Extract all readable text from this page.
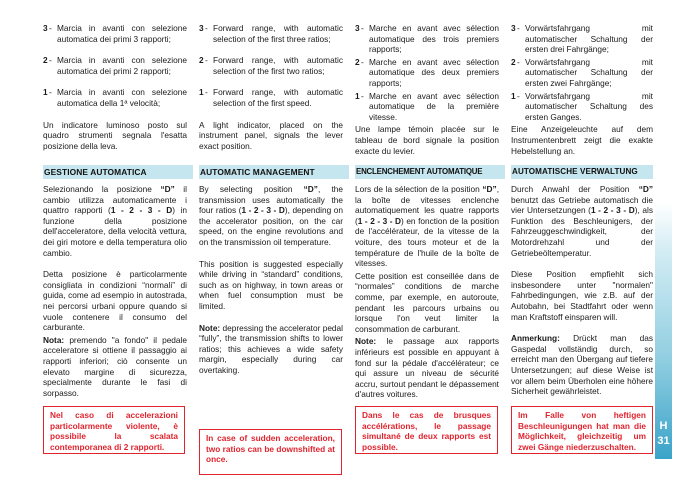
3 - Marcia in avanti con selezione automatica dei primi 3 rapporti;
2 - Marcia in avanti con selezione automatica dei primi 2 rapporti;
1 - Marcia in avanti con selezione automatica della 1ª velocità;
Un indicatore luminoso posto sul quadro strumenti segnala l'esatta posizione della leva.
3 - Forward range, with automatic selection of the first three ratios;
2 - Forward range, with automatic selection of the first two ratios;
1 - Forward range, with automatic selection of the first speed.
A light indicator, placed on the instrument panel, signals the lever exact position.
3 - Marche en avant avec sélection automatique des trois premiers rapports;
2 - Marche en avant avec sélection automatique des deux premiers rapports;
1 - Marche en avant avec sélection automatique de la première vitesse.
Une lampe témoin placée sur le tableau de bord signale la position exacte du levier.
3 - Vorwärtsfahrgang mit automatischer Schaltung der ersten drei Fahrgänge;
2 - Vorwärtsfahrgang mit automatischer Schaltung der ersten zwei Fahrgänge;
1 - Vorwärtsfahrgang mit automatischer Schaltung des ersten Ganges.
Eine Anzeigeleuchte auf dem Instrumentenbrett zeigt die exakte Hebelstellung an.
GESTIONE AUTOMATICA	AUTOMATIC MANAGEMENT	ENCLENCHEMENT AUTOMATIQUE	AUTOMATISCHE VERWALTUNG
Selezionando la posizione “D” il cambio utilizza automaticamente i quattro rapporti (1 - 2 - 3 - D) in funzione della posizione dell'acceleratore, della velocità vettura, dei giri motore e della temperatura olio cambio.
Detta posizione è particolarmente consigliata in condizioni “normali” di guida, come ad esempio in autostrada, nei percorsi urbani oppure quando si vuole contenere il consumo del carburante.
Nota: premendo "a fondo" il pedale acceleratore si ottiene il passaggio ai rapporti inferiori; ciò consente un elevato margine di sicurezza, specialmente durante le fasi di sorpasso.
By selecting position “D”, the transmission uses automatically the four ratios (1 - 2 - 3 - D), depending on the accelerator position, on the car speed, on the engine revolutions and on the transmission oil temperature.
This position is suggested especially while driving in “standard” conditions, such as on highway, in town areas or when fuel consumption must be limited.
Note: depressing the accelerator pedal “fully”, the transmission shifts to lower ratios; this achieves a wide safety margin, especially during car overtaking.
Lors de la sélection de la position “D”, la boîte de vitesses enclenche automatiquement les quatre rapports (1 - 2 - 3 - D) en fonction de la position de l'accélérateur, de la vitesse de la voiture, des tours moteur et de la température de l'huile de la boîte de vitesses.
Cette position est conseillée dans de “normales” conditions de marche comme, par exemple, en autoroute, pendant les parcours urbains ou lorsque l'on veut limiter la consommation de carburant.
Note: le passage aux rapports inférieurs est possible en appuyant à fond sur la pédale d'accélérateur; ce qui assure un niveau de sécurité accru, surtout pendant le dépassement d'autres voitures.
Durch Anwahl der Position “D” benutzt das Getriebe automatisch die vier Untersetzungen (1 - 2 - 3 - D), als Funktion des Beschleunigers, der Fahrzeuggeschwindigkeit, der Motordrehzahl und der Getriebeöltemperatur.
Diese Position empfiehlt sich insbesondere unter "normalen" Fahrbedingungen, wie z.B. auf der Autobahn, bei Stadtfahrt oder wenn man Kraftstoff einsparen will.
Anmerkung: Drückt man das Gaspedal vollständig durch, so erreicht man den Übergang auf tiefere Untersetzungen; auf diese Weise ist vor allem beim Überholen eine höhere Sicherheit gewährleistet.
Nel caso di accelerazioni particolarmente violente, è possibile la scalata contemporanea di 2 rapporti.
In case of sudden acceleration, two ratios can be downshifted at once.
Dans le cas de brusques accélérations, le passage simultané de deux rapports est possible.
Im Falle von heftigen Beschleunigungen hat man die Möglichkeit, gleichzeitig um zwei Gänge niederzuschalten.
H
31
